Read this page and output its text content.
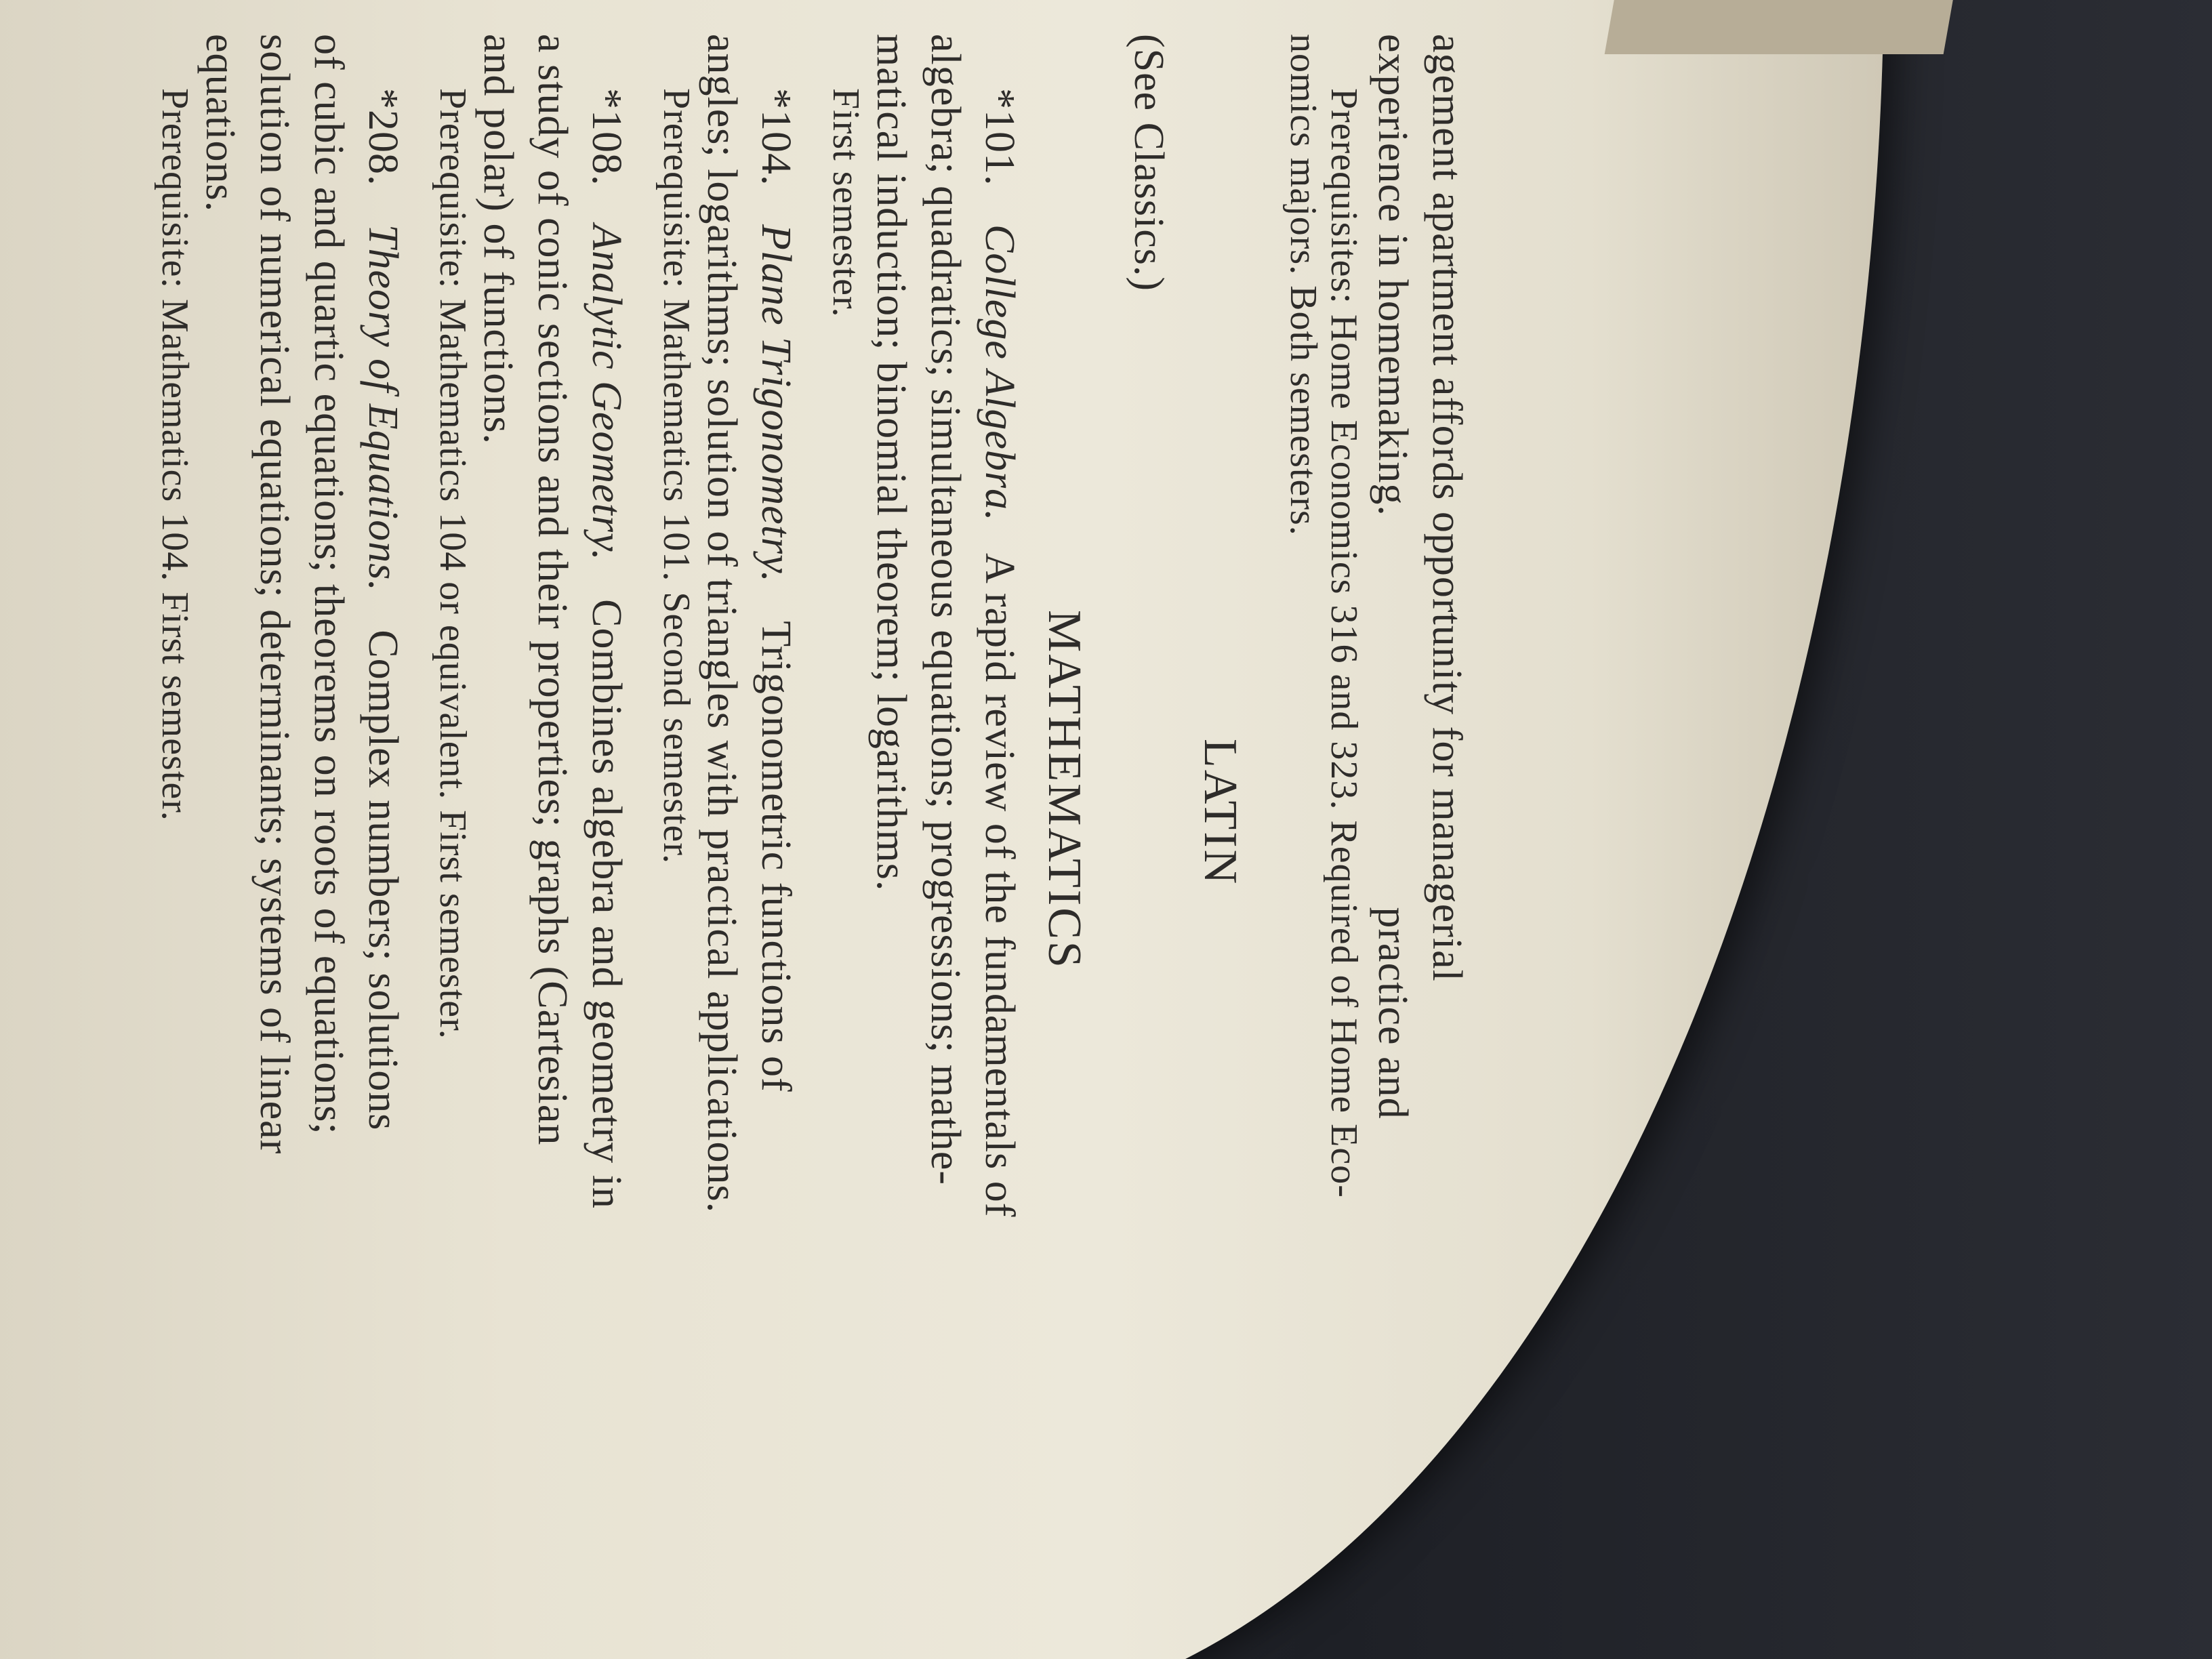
agement apartment affords opportunity for managerial
experience in homemaking. practice and
Prerequisites: Home Economics 316 and 323. Required of Home Eco-
nomics majors. Both semesters.
LATIN
(See Classics.)
MATHEMATICS
*101. College Algebra. A rapid review of the fundamentals of
algebra; quadratics; simultaneous equations; progressions; mathe-
matical induction; binomial theorem; logarithms.
First semester.
*104. Plane Trigonometry. Trigonometric functions of
angles; logarithms; solution of triangles with practical applications.
Prerequisite: Mathematics 101. Second semester.
*108. Analytic Geometry. Combines algebra and geometry in
a study of conic sections and their properties; graphs (Cartesian
and polar) of functions.
Prerequisite: Mathematics 104 or equivalent. First semester.
*208. Theory of Equations. Complex numbers; solutions
of cubic and quartic equations; theorems on roots of equations;
solution of numerical equations; determinants; systems of linear
equations.
Prerequisite: Mathematics 104. First semester.
